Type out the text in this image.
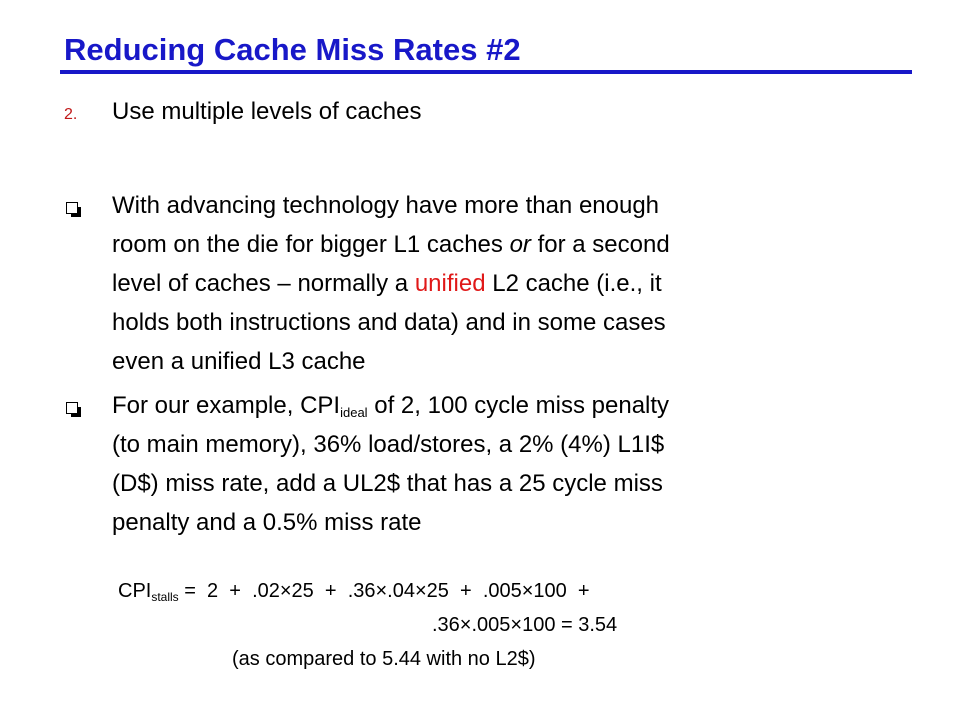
Reducing Cache Miss Rates #2
2. Use multiple levels of caches
With advancing technology have more than enough
room on the die for bigger L1 caches or for a second
level of caches – normally a unified L2 cache (i.e., it
holds both instructions and data) and in some cases
even a unified L3 cache
For our example, $CPI_{ideal}$ of 2, 100 cycle miss penalty
(to main memory), 36% load/stores, a 2% (4%) L1I$
(D$) miss rate, add a UL2$ that has a 25 cycle miss
penalty and a 0.5% miss rate
$CPI_{stalls} = 2 + .02\times 25 + .36\times.04\times 25 + .005\times 100$  +
.36×.005×100 = 3.54
(as compared to 5.44 with no L2$)
